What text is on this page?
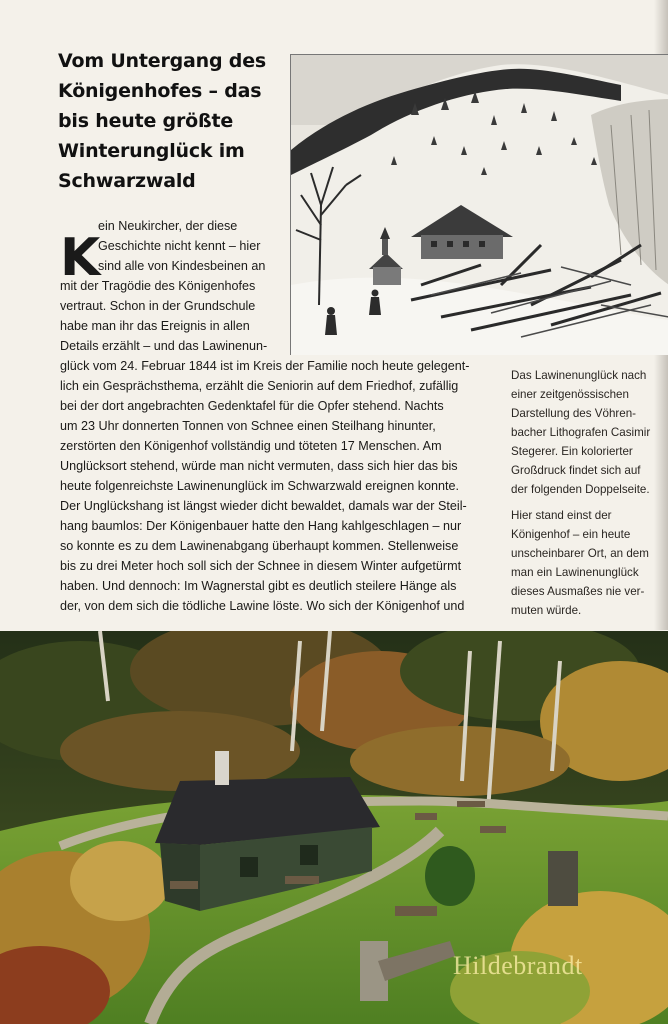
Vom Untergang des
Königenhofes – das
bis heute größte
Winterunglück im
Schwarzwald
K
ein Neukircher, der diese
Geschichte nicht kennt – hier
sind alle von Kindesbeinen an
mit der Tragödie des Königenhofes
vertraut. Schon in der Grundschule
habe man ihr das Ereignis in allen
Details erzählt – und das Lawinenun-
glück vom 24. Februar 1844 ist im Kreis der Familie noch heute gelegent-
lich ein Gesprächsthema, erzählt die Seniorin auf dem Friedhof, zufällig
bei der dort angebrachten Gedenktafel für die Opfer stehend. Nachts
um 23 Uhr donnerten Tonnen von Schnee einen Steilhang hinunter,
zerstörten den Königenhof vollständig und töteten 17 Menschen. Am
Unglücksort stehend, würde man nicht vermuten, dass sich hier das bis
heute folgenreichste Lawinenunglück im Schwarzwald ereignen konnte.
Der Unglückshang ist längst wieder dicht bewaldet, damals war der Steil-
hang baumlos: Der Königenbauer hatte den Hang kahlgeschlagen – nur
so konnte es zu dem Lawinenabgang überhaupt kommen. Stellenweise
bis zu drei Meter hoch soll sich der Schnee in diesem Winter aufgetürmt
haben. Und dennoch: Im Wagnerstal gibt es deutlich steilere Hänge als
der, von dem sich die tödliche Lawine löste. Wo sich der Königenhof und
Das Lawinenunglück nach
einer zeitgenössischen
Darstellung des Vöhren-
bacher Lithografen Casimir
Stegerer. Ein kolorierter
Großdruck findet sich auf
der folgenden Doppelseite.
Hier stand einst der
Königenhof – ein heute
unscheinbarer Ort, an dem
man ein Lawinenunglück
dieses Ausmaßes nie ver-
muten würde.
Hildebrandt
